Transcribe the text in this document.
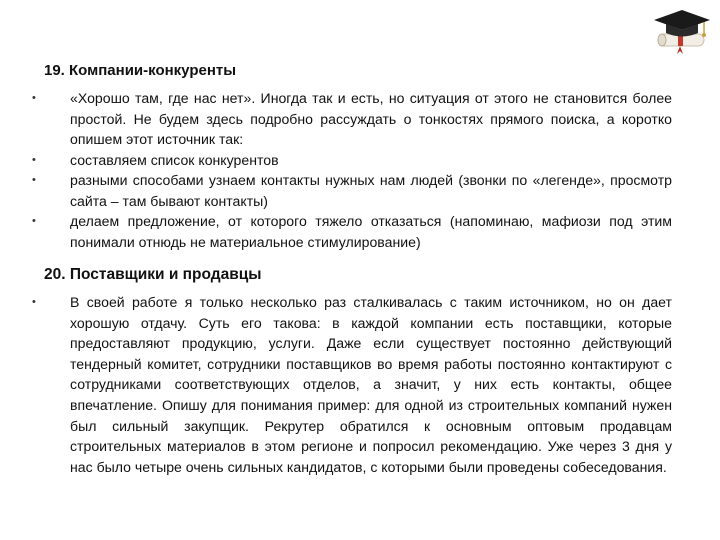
19. Компании-конкуренты
• «Хорошо там, где нас нет». Иногда так и есть, но ситуация от этого не становится более простой. Не будем здесь подробно рассуждать о тонкостях прямого поиска, а коротко опишем этот источник так:
• составляем список конкурентов
• разными способами узнаем контакты нужных нам людей (звонки по «легенде», просмотр сайта – там бывают контакты)
• делаем предложение, от которого тяжело отказаться (напоминаю, мафиози под этим понимали отнюдь не материальное стимулирование)
20. Поставщики и продавцы
• В своей работе я только несколько раз сталкивалась с таким источником, но он дает хорошую отдачу. Суть его такова: в каждой компании есть поставщики, которые предоставляют продукцию, услуги. Даже если существует постоянно действующий тендерный комитет, сотрудники поставщиков во время работы постоянно контактируют с сотрудниками соответствующих отделов, а значит, у них есть контакты, общее впечатление. Опишу для понимания пример: для одной из строительных компаний нужен был сильный закупщик. Рекрутер обратился к основным оптовым продавцам строительных материалов в этом регионе и попросил рекомендацию. Уже через 3 дня у нас было четыре очень сильных кандидатов, с которыми были проведены собеседования.
